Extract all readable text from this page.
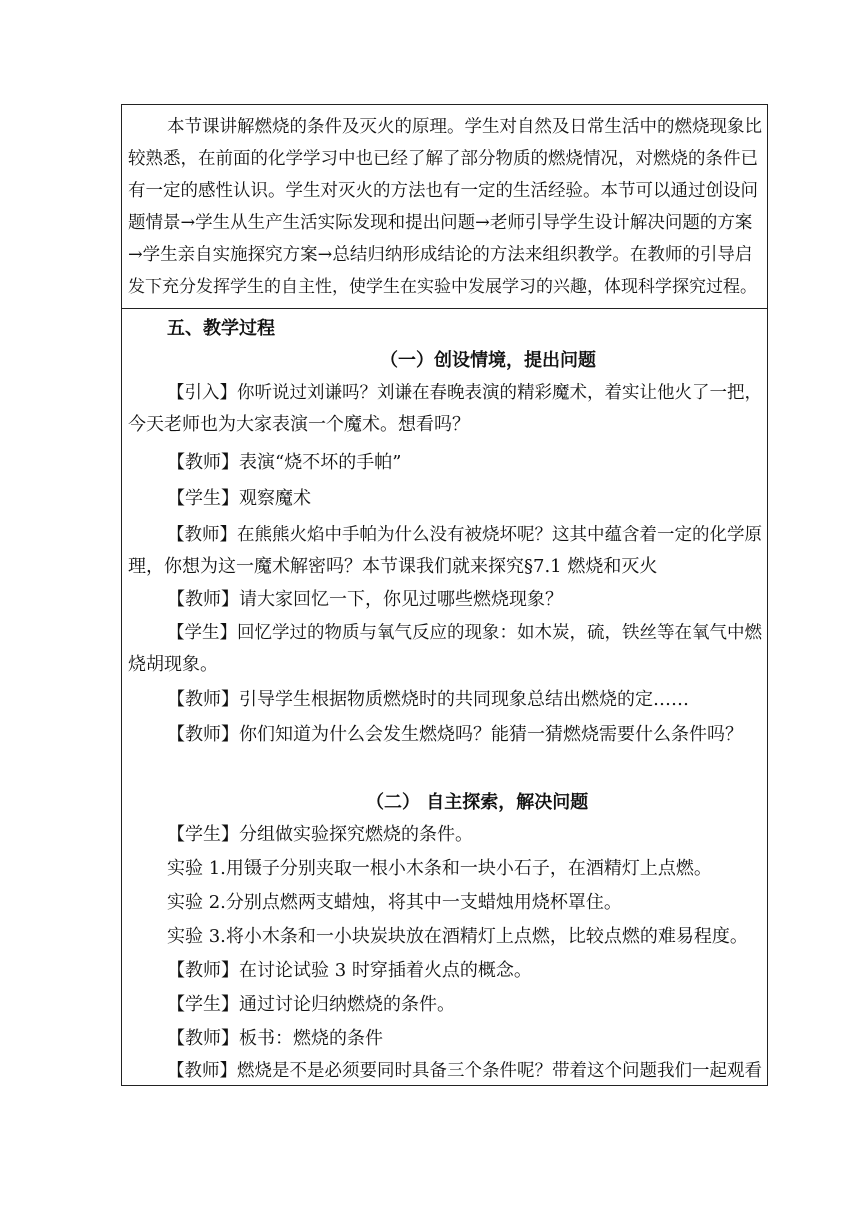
本节课讲解燃烧的条件及灭火的原理。学生对自然及日常生活中的燃烧现象比
较熟悉，在前面的化学学习中也已经了解了部分物质的燃烧情况，对燃烧的条件已
有一定的感性认识。学生对灭火的方法也有一定的生活经验。本节可以通过创设问
题情景→学生从生产生活实际发现和提出问题→老师引导学生设计解决问题的方案
→学生亲自实施探究方案→总结归纳形成结论的方法来组织教学。在教师的引导启
发下充分发挥学生的自主性，使学生在实验中发展学习的兴趣，体现科学探究过程。
五、教学过程
（一）创设情境，提出问题
【引入】你听说过刘谦吗？刘谦在春晚表演的精彩魔术，着实让他火了一把，
今天老师也为大家表演一个魔术。想看吗？
【教师】表演“烧不坏的手帕”
【学生】观察魔术
【教师】在熊熊火焰中手帕为什么没有被烧坏呢？这其中蕴含着一定的化学原
理，你想为这一魔术解密吗？本节课我们就来探究§7.1 燃烧和灭火
【教师】请大家回忆一下，你见过哪些燃烧现象？
【学生】回忆学过的物质与氧气反应的现象：如木炭，硫，铁丝等在氧气中燃
烧胡现象。
【教师】引导学生根据物质燃烧时的共同现象总结出燃烧的定……
【教师】你们知道为什么会发生燃烧吗？能猜一猜燃烧需要什么条件吗？
（二） 自主探索，解决问题
【学生】分组做实验探究燃烧的条件。
实验 1.用镊子分别夹取一根小木条和一块小石子，在酒精灯上点燃。
实验 2.分别点燃两支蜡烛，将其中一支蜡烛用烧杯罩住。
实验 3.将小木条和一小块炭块放在酒精灯上点燃，比较点燃的难易程度。
【教师】在讨论试验 3 时穿插着火点的概念。
【学生】通过讨论归纳燃烧的条件。
【教师】板书：燃烧的条件
【教师】燃烧是不是必须要同时具备三个条件呢？带着这个问题我们一起观看
